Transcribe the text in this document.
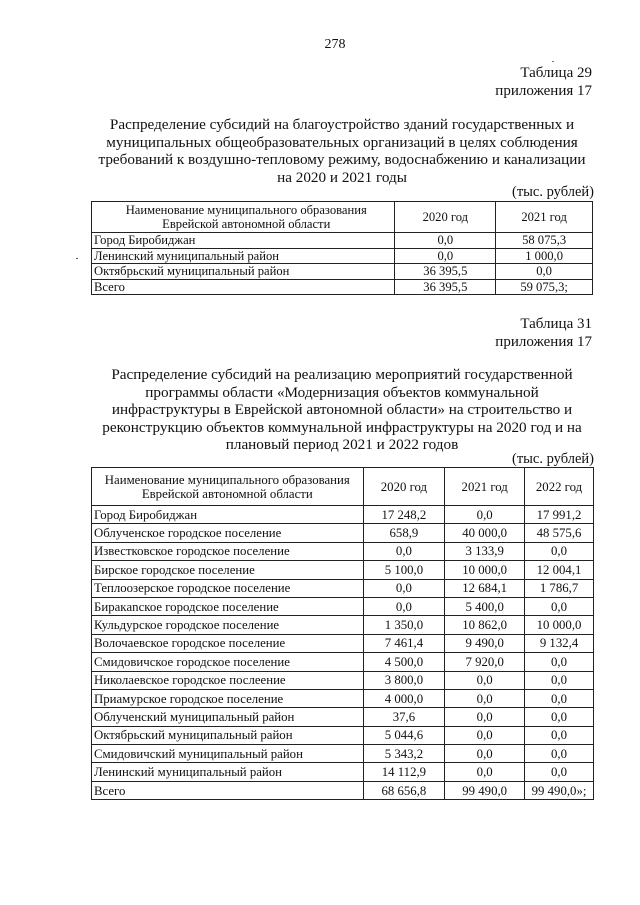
278
Таблица 29
приложения 17
Распределение субсидий на благоустройство зданий государственных и
муниципальных общеобразовательных организаций в целях соблюдения
требований к воздушно-тепловому режиму, водоснабжению и канализации
на 2020 и 2021 годы
(тыс. рублей)
Наименование муниципального образования Еврейской автономной области	2020 год	2021 год
Город Биробиджан	0,0	58 075,3
Ленинский муниципальный район	0,0	1 000,0
Октябрьский муниципальный район	36 395,5	0,0
Всего	36 395,5	59 075,3;
Таблица 31
приложения 17
Распределение субсидий на реализацию мероприятий государственной
программы области «Модернизация объектов коммунальной
инфраструктуры в Еврейской автономной области» на строительство и
реконструкцию объектов коммунальной инфраструктуры на 2020 год и на
плановый период 2021 и 2022 годов
(тыс. рублей)
Наименование муниципального образования Еврейской автономной области	2020 год	2021 год	2022 год
Город Биробиджан	17 248,2	0,0	17 991,2
Облученское городское поселение	658,9	40 000,0	48 575,6
Известковское городское поселение	0,0	3 133,9	0,0
Бирское городское поселение	5 100,0	10 000,0	12 004,1
Теплоозерское городское поселение	0,0	12 684,1	1 786,7
Биракanское городское поселение	0,0	5 400,0	0,0
Кульдурское городское поселение	1 350,0	10 862,0	10 000,0
Волочаевское городское поселение	7 461,4	9 490,0	9 132,4
Смидовичское городское поселение	4 500,0	7 920,0	0,0
Николаевское городское послеение	3 800,0	0,0	0,0
Приамурское городское поселение	4 000,0	0,0	0,0
Облученский муниципальный район	37,6	0,0	0,0
Октябрьский муниципальный район	5 044,6	0,0	0,0
Смидовичский муниципальный район	5 343,2	0,0	0,0
Ленинский муниципальный район	14 112,9	0,0	0,0
Всего	68 656,8	99 490,0	99 490,0»;
